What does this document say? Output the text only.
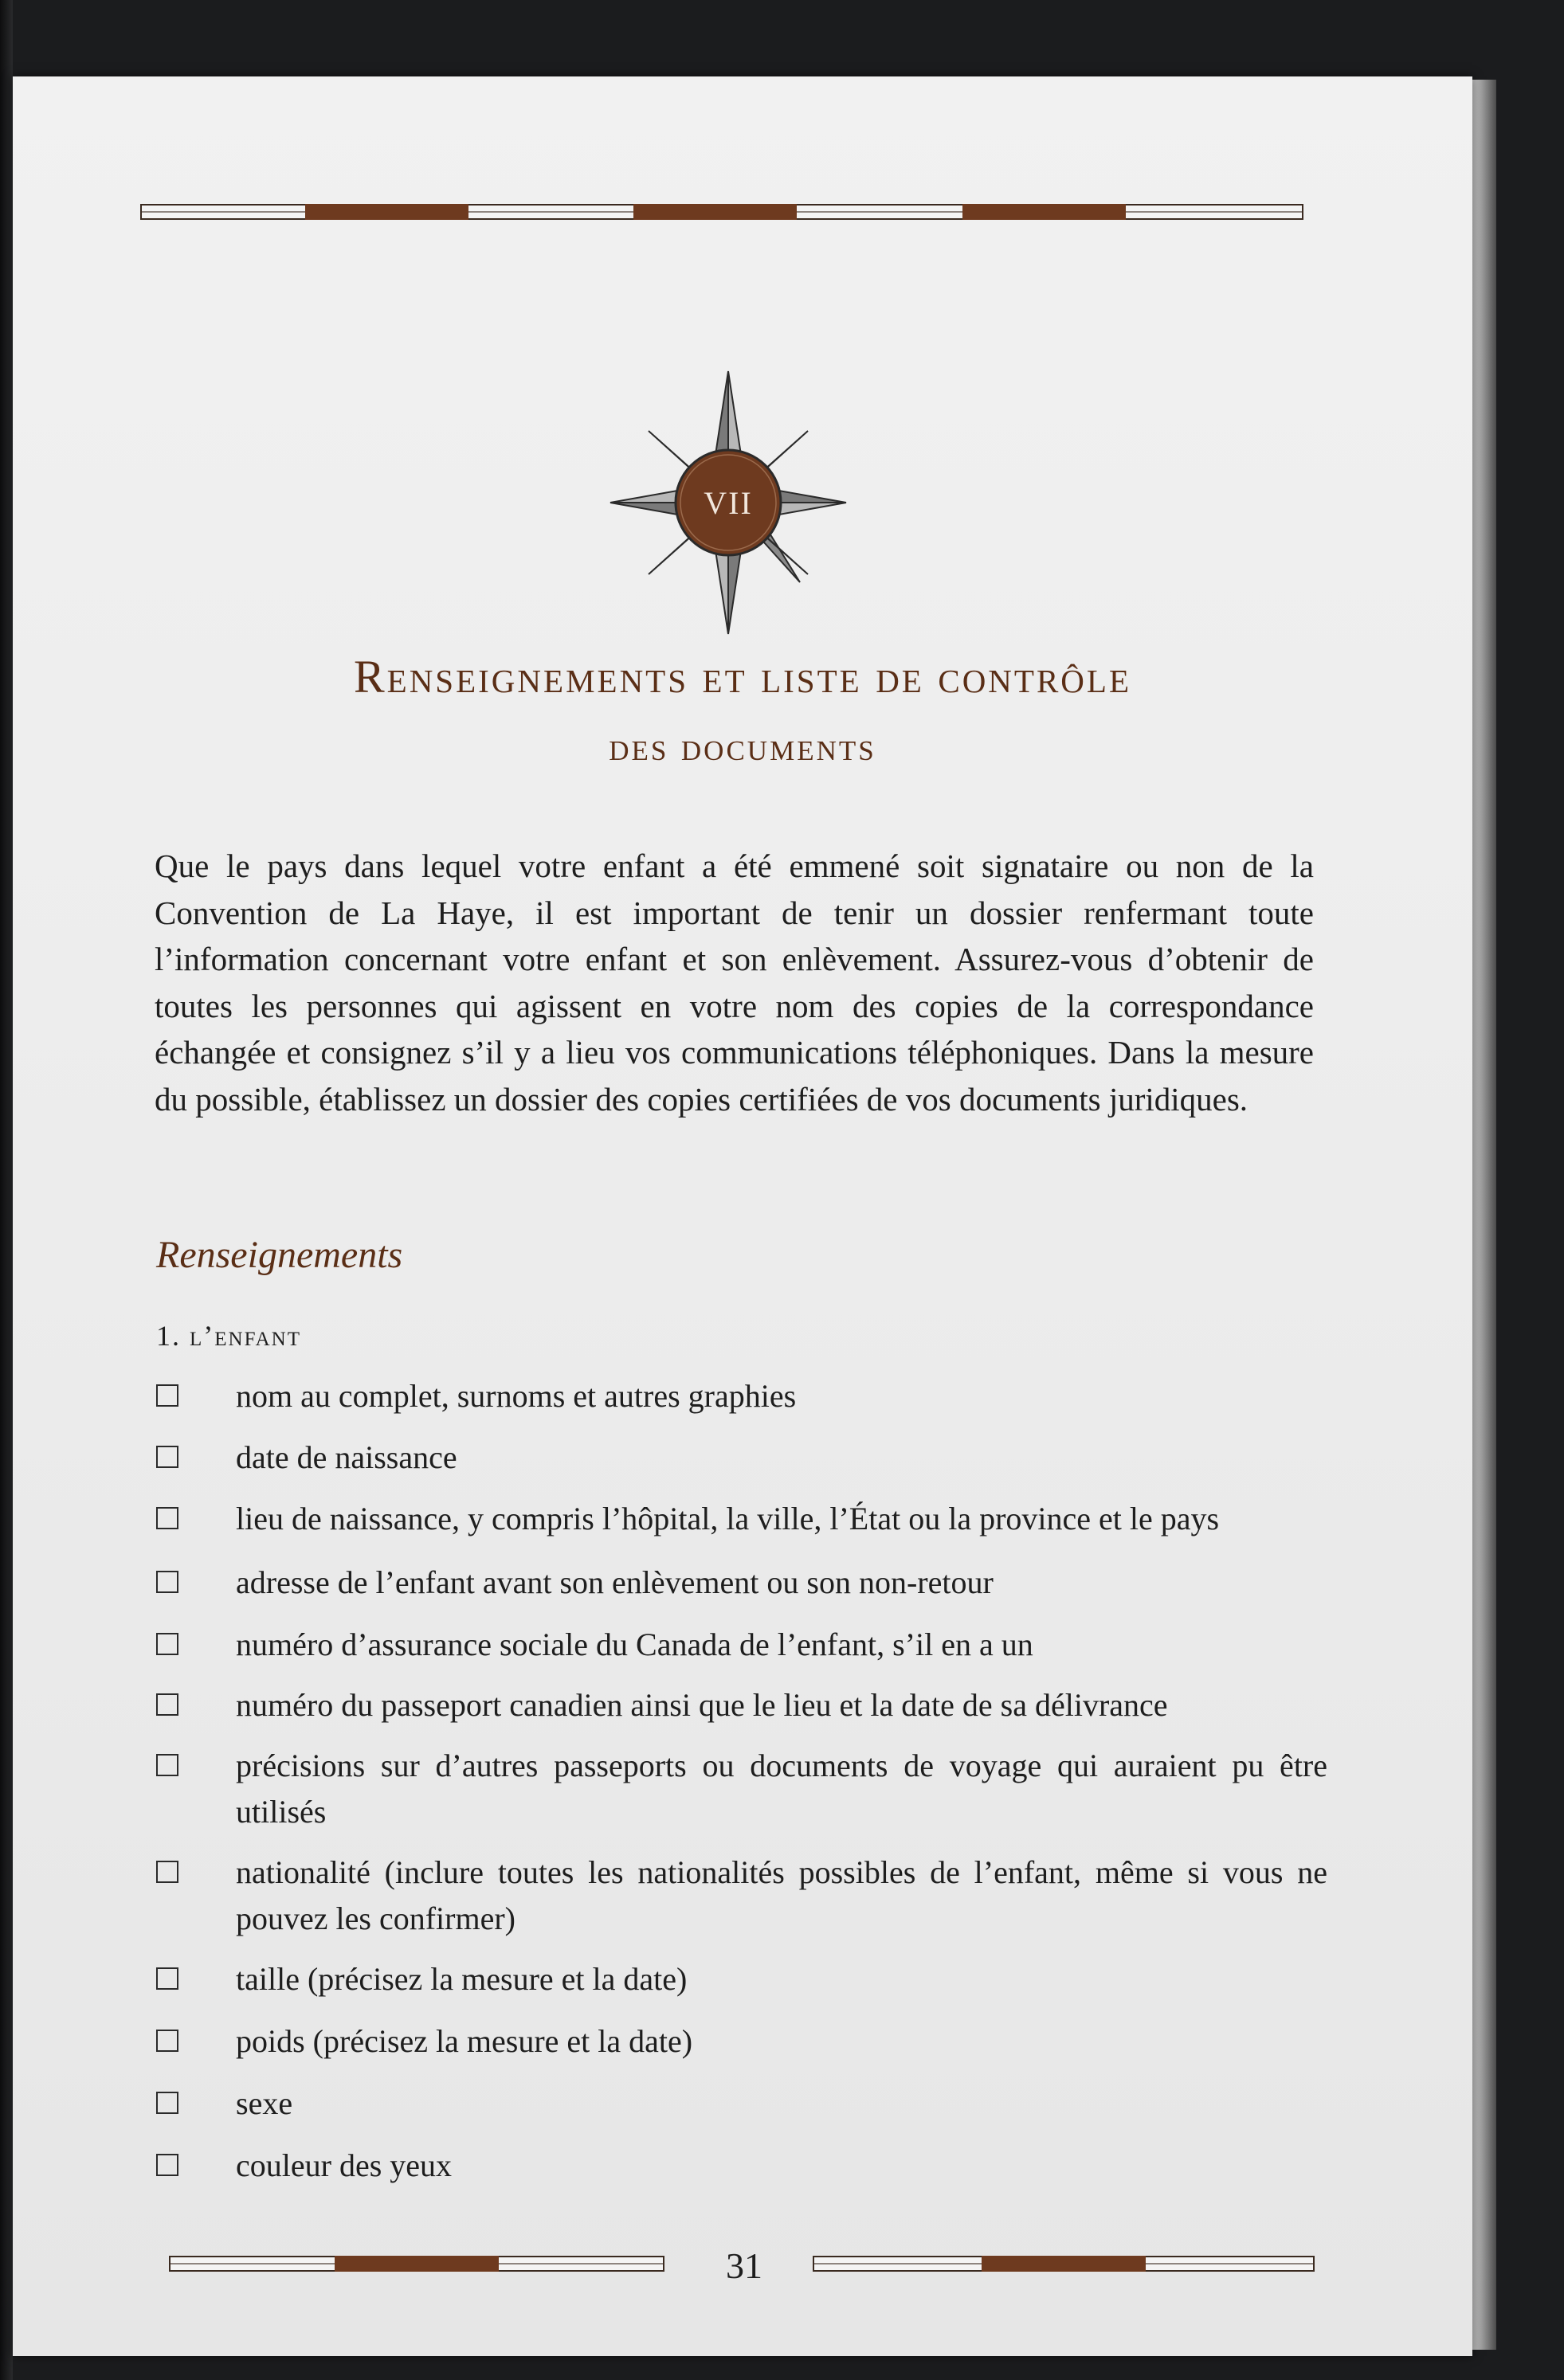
VII
Renseignements et liste de contrôle
des documents

Que le pays dans lequel votre enfant a été emmené soit signataire ou non de la Convention de La Haye, il est important de tenir un dossier renfermant toute l’information concernant votre enfant et son enlèvement. Assurez-vous d’obtenir de toutes les personnes qui agissent en votre nom des copies de la correspondance échangée et consignez s’il y a lieu vos communications téléphoniques. Dans la mesure du possible, établissez un dossier des copies certifiées de vos documents juridiques.

Renseignements
1. l’enfant
nom au complet, surnoms et autres graphies
date de naissance
lieu de naissance, y compris l’hôpital, la ville, l’État ou la province et le pays
adresse de l’enfant avant son enlèvement ou son non-retour
numéro d’assurance sociale du Canada de l’enfant, s’il en a un
numéro du passeport canadien ainsi que le lieu et la date de sa délivrance
précisions sur d’autres passeports ou documents de voyage qui auraient pu être utilisés
nationalité (inclure toutes les nationalités possibles de l’enfant, même si vous ne pouvez les confirmer)
taille (précisez la mesure et la date)
poids (précisez la mesure et la date)
sexe
couleur des yeux
31
